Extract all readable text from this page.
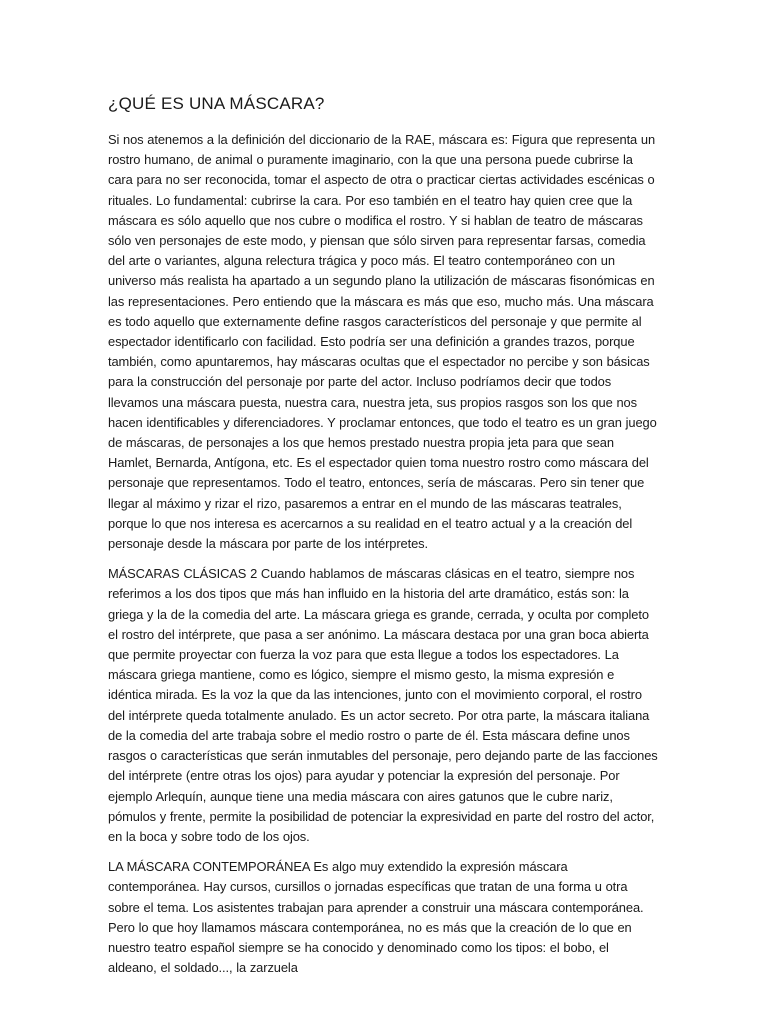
¿QUÉ ES UNA MÁSCARA?

Si nos atenemos a la definición del diccionario de la RAE, máscara es: Figura que representa un rostro humano, de animal o puramente imaginario, con la que una persona puede cubrirse la cara para no ser reconocida, tomar el aspecto de otra o practicar ciertas actividades escénicas o rituales. Lo fundamental: cubrirse la cara. Por eso también en el teatro hay quien cree que la máscara es sólo aquello que nos cubre o modifica el rostro. Y si hablan de teatro de máscaras sólo ven personajes de este modo, y piensan que sólo sirven para representar farsas, comedia del arte o variantes, alguna relectura trágica y poco más. El teatro contemporáneo con un universo más realista ha apartado a un segundo plano la utilización de máscaras fisonómicas en las representaciones. Pero entiendo que la máscara es más que eso, mucho más. Una máscara es todo aquello que externamente define rasgos característicos del personaje y que permite al espectador identificarlo con facilidad. Esto podría ser una definición a grandes trazos, porque también, como apuntaremos, hay máscaras ocultas que el espectador no percibe y son básicas para la construcción del personaje por parte del actor. Incluso podríamos decir que todos llevamos una máscara puesta, nuestra cara, nuestra jeta, sus propios rasgos son los que nos hacen identificables y diferenciadores. Y proclamar entonces, que todo el teatro es un gran juego de máscaras, de personajes a los que hemos prestado nuestra propia jeta para que sean Hamlet, Bernarda, Antígona, etc. Es el espectador quien toma nuestro rostro como máscara del personaje que representamos. Todo el teatro, entonces, sería de máscaras. Pero sin tener que llegar al máximo y rizar el rizo, pasaremos a entrar en el mundo de las máscaras teatrales, porque lo que nos interesa es acercarnos a su realidad en el teatro actual y a la creación del personaje desde la máscara por parte de los intérpretes.

MÁSCARAS CLÁSICAS 2 Cuando hablamos de máscaras clásicas en el teatro, siempre nos referimos a los dos tipos que más han influido en la historia del arte dramático, estás son: la griega y la de la comedia del arte. La máscara griega es grande, cerrada, y oculta por completo el rostro del intérprete, que pasa a ser anónimo. La máscara destaca por una gran boca abierta que permite proyectar con fuerza la voz para que esta llegue a todos los espectadores. La máscara griega mantiene, como es lógico, siempre el mismo gesto, la misma expresión e idéntica mirada. Es la voz la que da las intenciones, junto con el movimiento corporal, el rostro del intérprete queda totalmente anulado. Es un actor secreto. Por otra parte, la máscara italiana de la comedia del arte trabaja sobre el medio rostro o parte de él. Esta máscara define unos rasgos o características que serán inmutables del personaje, pero dejando parte de las facciones del intérprete (entre otras los ojos) para ayudar y potenciar la expresión del personaje. Por ejemplo Arlequín, aunque tiene una media máscara con aires gatunos que le cubre nariz, pómulos y frente, permite la posibilidad de potenciar la expresividad en parte del rostro del actor, en la boca y sobre todo de los ojos.

LA MÁSCARA CONTEMPORÁNEA Es algo muy extendido la expresión máscara contemporánea. Hay cursos, cursillos o jornadas específicas que tratan de una forma u otra sobre el tema. Los asistentes trabajan para aprender a construir una máscara contemporánea. Pero lo que hoy llamamos máscara contemporánea, no es más que la creación de lo que en nuestro teatro español siempre se ha conocido y denominado como los tipos: el bobo, el aldeano, el soldado..., la zarzuela
